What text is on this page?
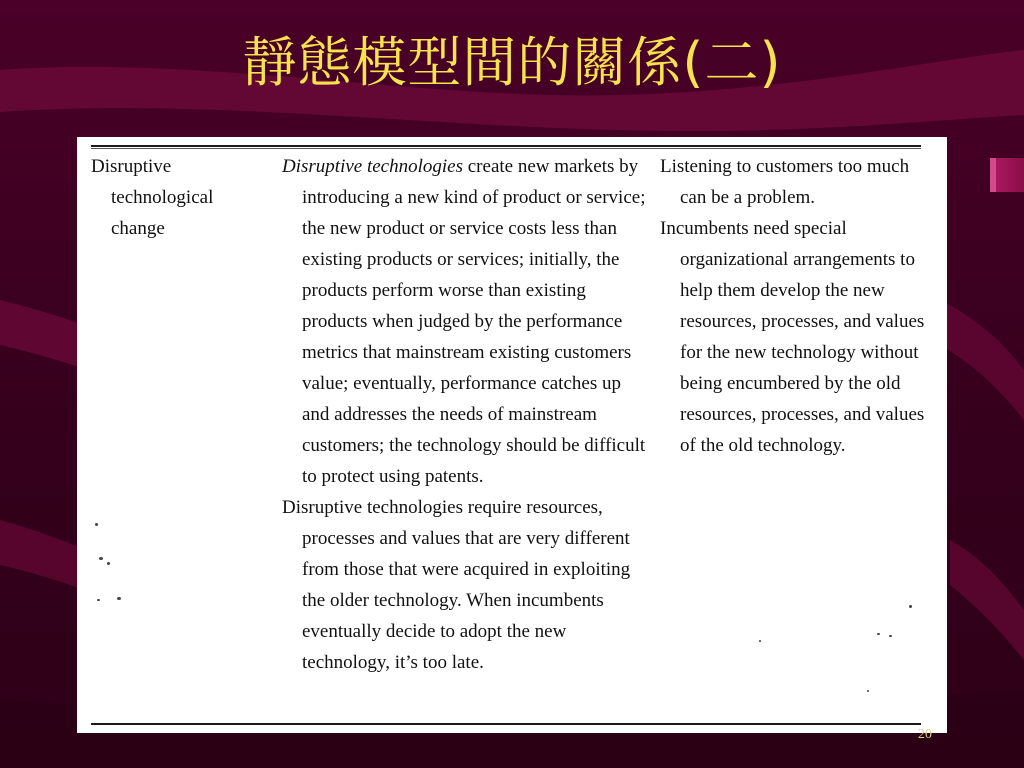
靜態模型間的關係(二)

Disruptive technological change

Disruptive technologies create new markets by introducing a new kind of product or service; the new product or service costs less than existing products or services; initially, the products perform worse than existing products when judged by the performance metrics that mainstream existing customers value; eventually, performance catches up and addresses the needs of mainstream customers; the technology should be difficult to protect using patents.

Disruptive technologies require resources, processes and values that are very different from those that were acquired in exploiting the older technology. When incumbents eventually decide to adopt the new technology, it’s too late.

Listening to customers too much can be a problem.

Incumbents need special organizational arrangements to help them develop the new resources, processes, and values for the new technology without being encumbered by the old resources, processes, and values of the old technology.

20
